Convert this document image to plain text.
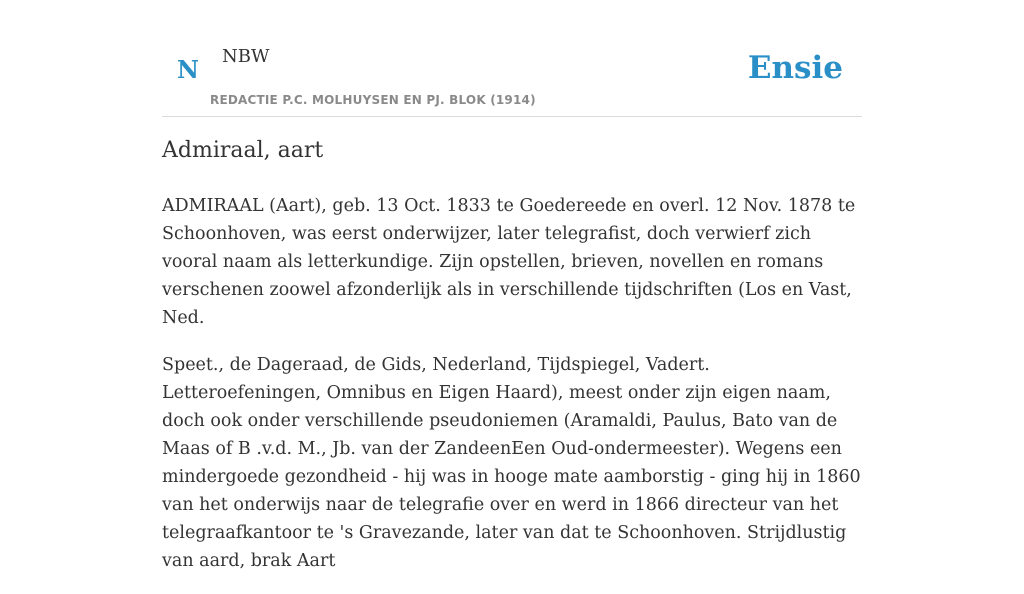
N NBW
REDACTIE P.C. MOLHUYSEN EN PJ. BLOK (1914)
Ensie
Admiraal, aart

ADMIRAAL (Aart), geb. 13 Oct. 1833 te Goedereede en overl. 12 Nov. 1878 te Schoonhoven, was eerst onderwijzer, later telegrafist, doch verwierf zich vooral naam als letterkundige. Zijn opstellen, brieven, novellen en romans verschenen zoowel afzonderlijk als in verschillende tijdschriften (Los en Vast, Ned.

Speet., de Dageraad, de Gids, Nederland, Tijdspiegel, Vadert. Letteroefeningen, Omnibus en Eigen Haard), meest onder zijn eigen naam, doch ook onder verschillende pseudoniemen (Aramaldi, Paulus, Bato van de Maas of B .v.d. M., Jb. van der ZandeenEen Oud-ondermeester). Wegens een mindergoede gezondheid - hij was in hooge mate aamborstig - ging hij in 1860 van het onderwijs naar de telegrafie over en werd in 1866 directeur van het telegraafkantoor te 's Gravezande, later van dat te Schoonhoven. Strijdlustig van aard, brak Aart
